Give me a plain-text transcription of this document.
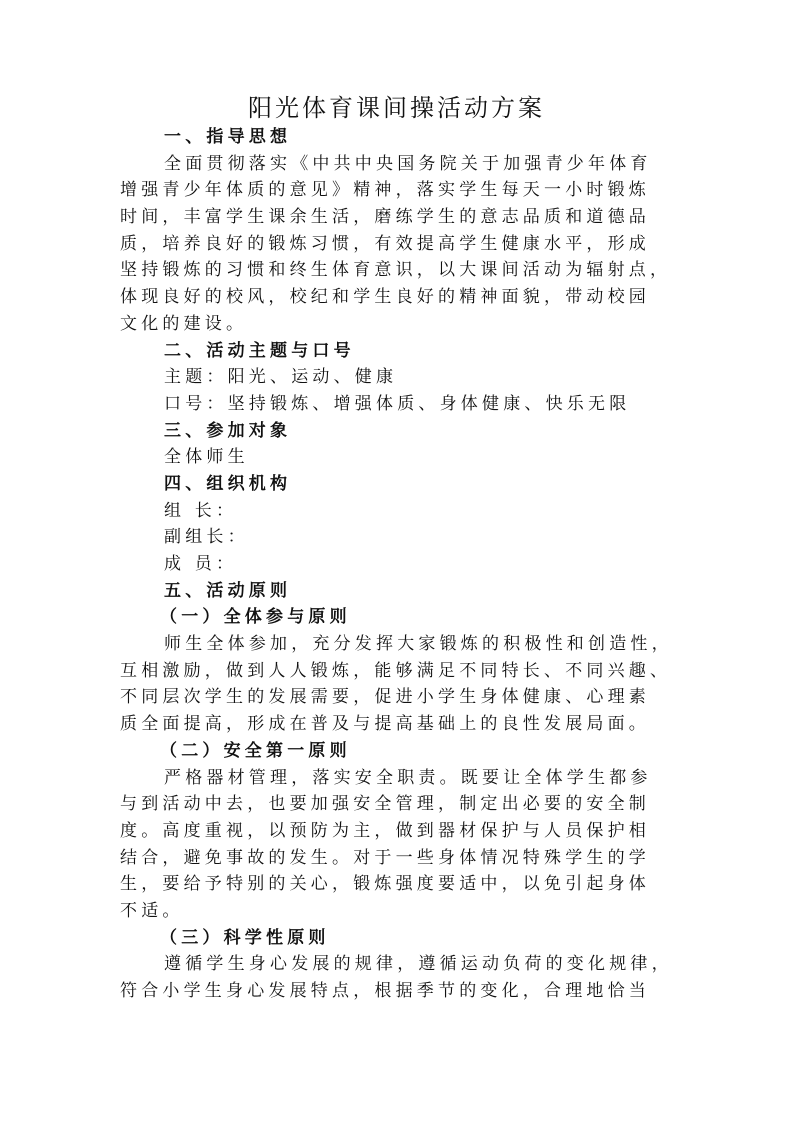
阳光体育课间操活动方案
一、指导思想
全面贯彻落实《中共中央国务院关于加强青少年体育
增强青少年体质的意见》精神，落实学生每天一小时锻炼
时间，丰富学生课余生活，磨练学生的意志品质和道德品
质，培养良好的锻炼习惯，有效提高学生健康水平，形成
坚持锻炼的习惯和终生体育意识，以大课间活动为辐射点，
体现良好的校风，校纪和学生良好的精神面貌，带动校园
文化的建设。
二、活动主题与口号
主题：阳光、运动、健康
口号：坚持锻炼、增强体质、身体健康、快乐无限
三、参加对象
全体师生
四、组织机构
组 长：
副组长：
成 员：
五、活动原则
（一）全体参与原则
师生全体参加，充分发挥大家锻炼的积极性和创造性，
互相激励，做到人人锻炼，能够满足不同特长、不同兴趣、
不同层次学生的发展需要，促进小学生身体健康、心理素
质全面提高，形成在普及与提高基础上的良性发展局面。
（二）安全第一原则
严格器材管理，落实安全职责。既要让全体学生都参
与到活动中去，也要加强安全管理，制定出必要的安全制
度。高度重视，以预防为主，做到器材保护与人员保护相
结合，避免事故的发生。对于一些身体情况特殊学生的学
生，要给予特别的关心，锻炼强度要适中，以免引起身体
不适。
（三）科学性原则
遵循学生身心发展的规律，遵循运动负荷的变化规律，
符合小学生身心发展特点，根据季节的变化，合理地恰当
